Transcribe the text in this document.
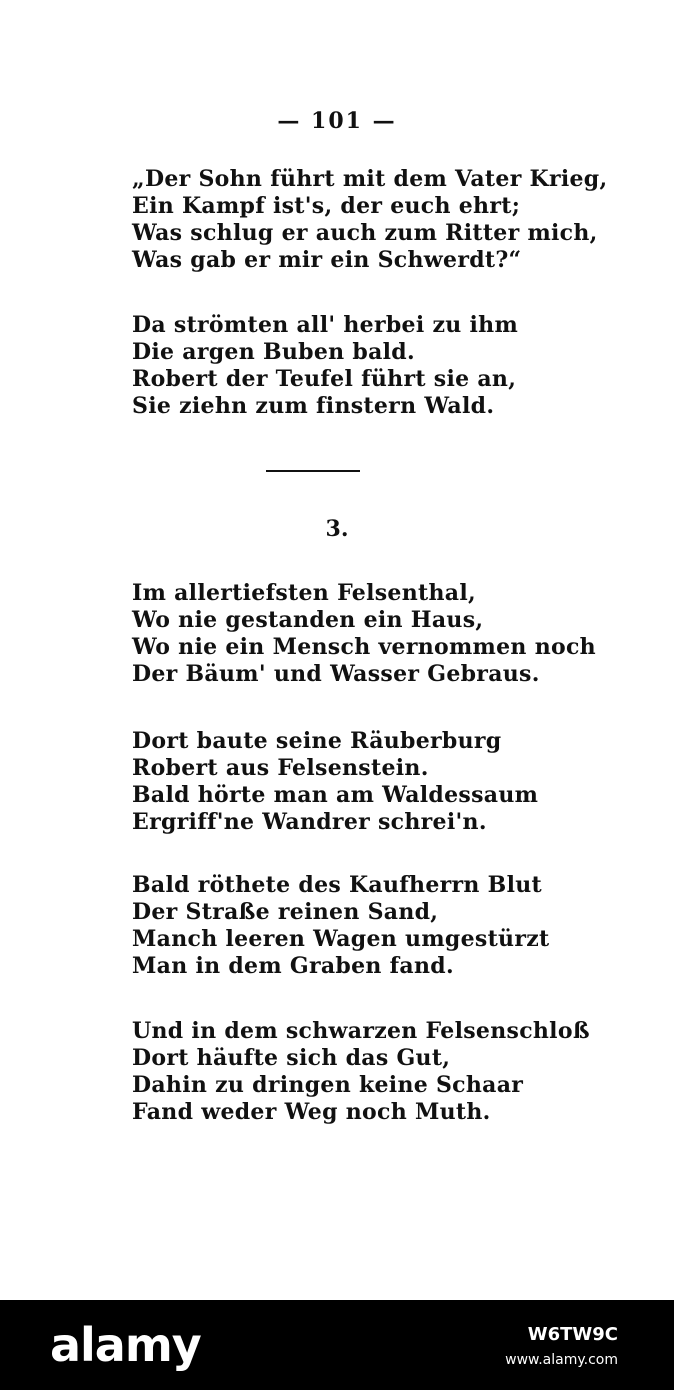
— 101 —
„Der Sohn führt mit dem Vater Krieg,
Ein Kampf ist's, der euch ehrt;
Was schlug er auch zum Ritter mich,
Was gab er mir ein Schwerdt?“
Da strömten all' herbei zu ihm
Die argen Buben bald.
Robert der Teufel führt sie an,
Sie ziehn zum finstern Wald.
3.
Im allertiefsten Felsenthal,
Wo nie gestanden ein Haus,
Wo nie ein Mensch vernommen noch
Der Bäum' und Wasser Gebraus.
Dort baute seine Räuberburg
Robert aus Felsenstein.
Bald hörte man am Waldessaum
Ergriff'ne Wandrer schrei'n.
Bald röthete des Kaufherrn Blut
Der Straße reinen Sand,
Manch leeren Wagen umgestürzt
Man in dem Graben fand.
Und in dem schwarzen Felsenschloß
Dort häufte sich das Gut,
Dahin zu dringen keine Schaar
Fand weder Weg noch Muth.
alamy	W6TW9C
www.alamy.com
